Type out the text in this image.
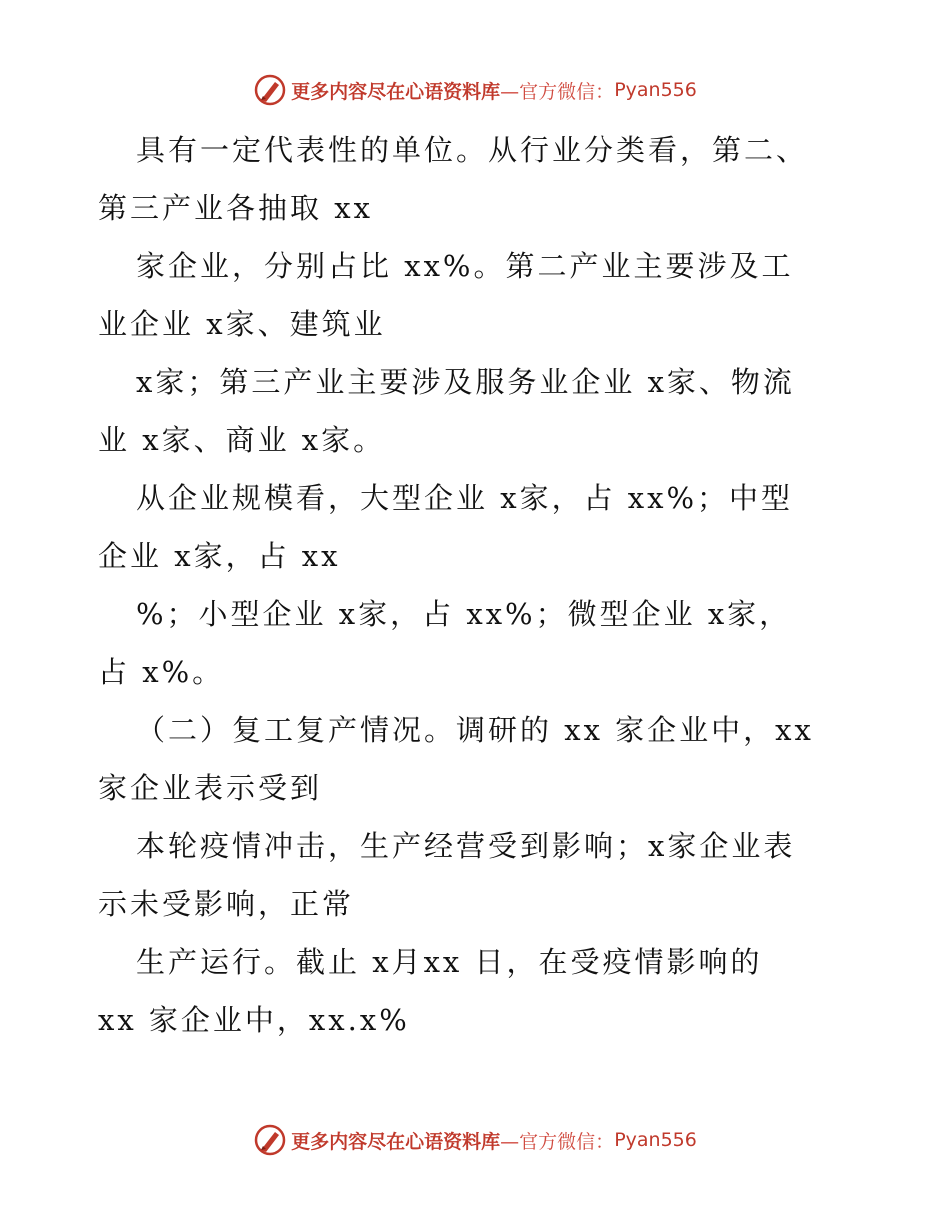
更多内容尽在心语资料库 —官方微信： Pyan556
具有一定代表性的单位。从行业分类看，第二、
第三产业各抽取 xx
家企业，分别占比 xx%。第二产业主要涉及工
业企业 x家、建筑业
x家；第三产业主要涉及服务业企业 x家、物流
业 x家、商业 x家。
从企业规模看，大型企业 x家，占 xx%；中型
企业 x家，占 xx
%；小型企业 x家，占 xx%；微型企业 x家，
占 x%。
（二）复工复产情况。调研的 xx 家企业中，xx
家企业表示受到
本轮疫情冲击，生产经营受到影响；x家企业表
示未受影响，正常
生产运行。截止 x月xx 日，在受疫情影响的
xx 家企业中，xx.x%
更多内容尽在心语资料库 —官方微信： Pyan556
